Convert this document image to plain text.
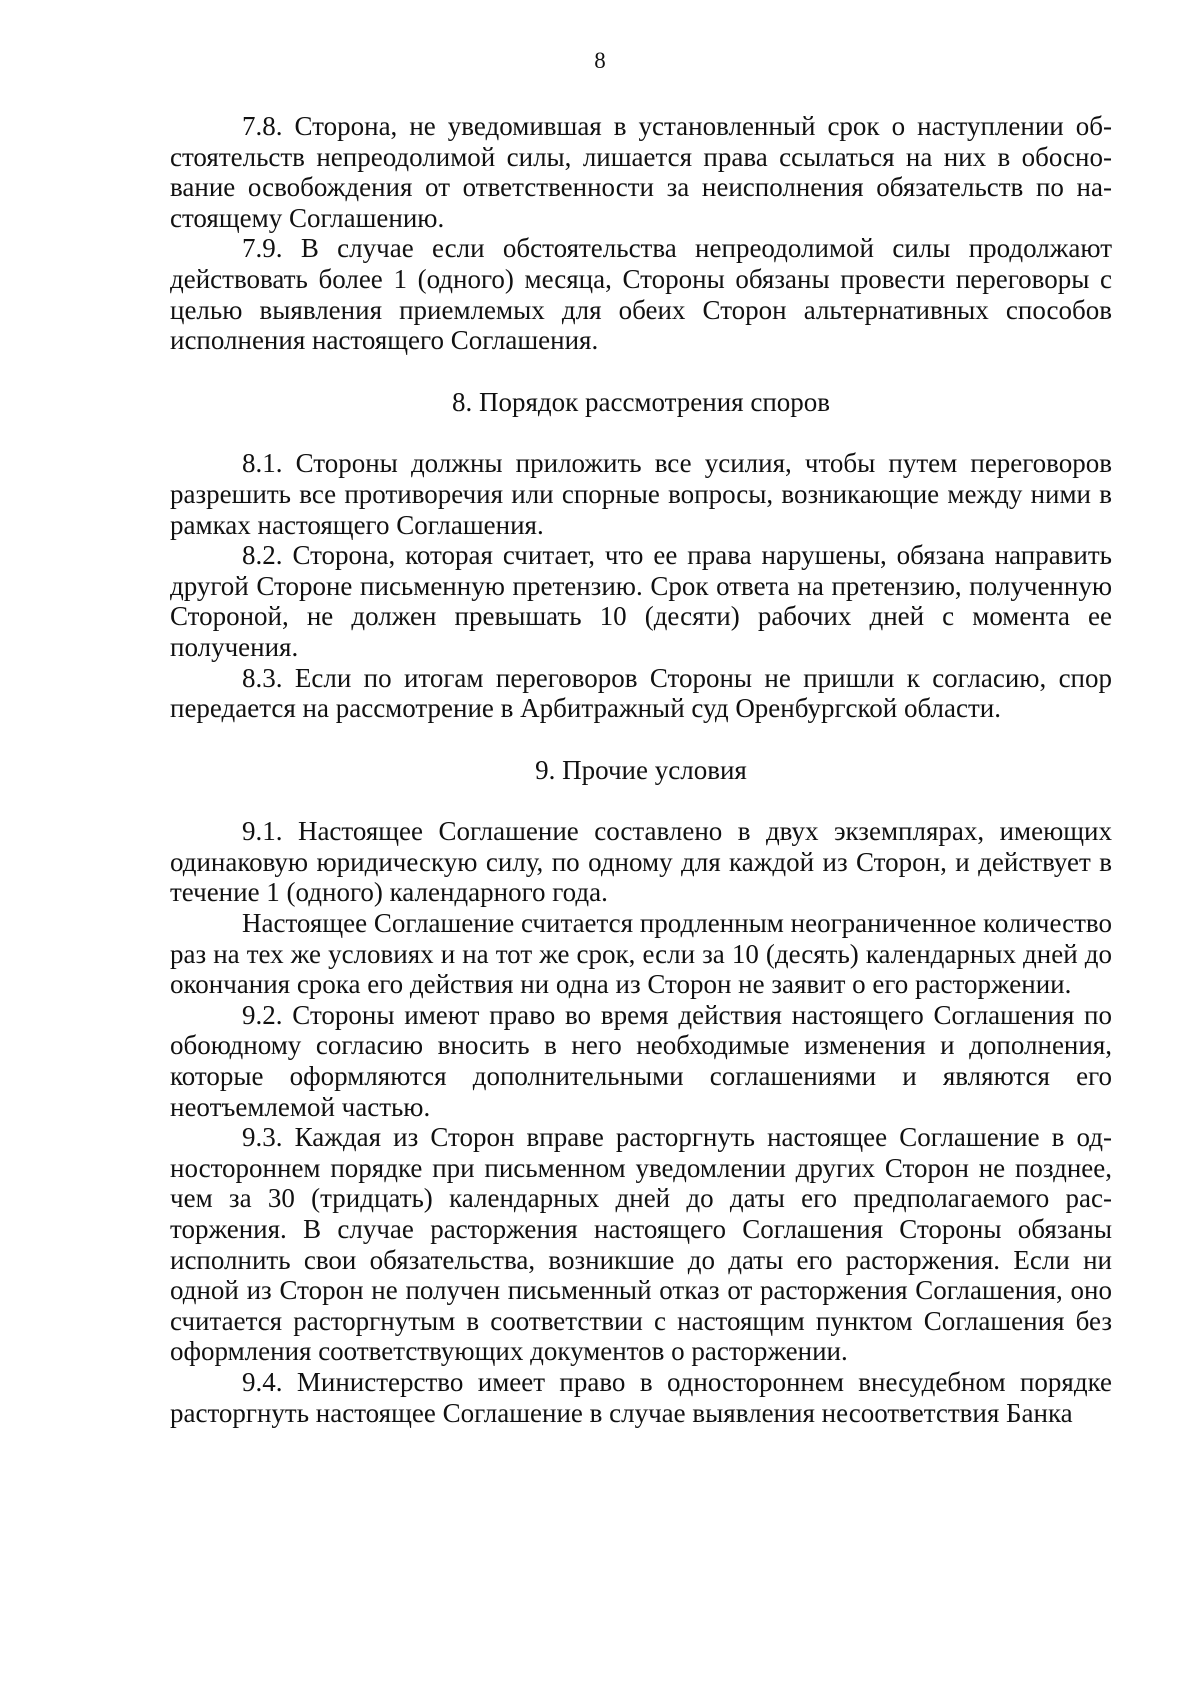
8

7.8. Сторона, не уведомившая в установленный срок о наступлении обстоятельств непреодолимой силы, лишается права ссылаться на них в обоснование освобождения от ответственности за неисполнения обязательств по настоящему Соглашению.

7.9. В случае если обстоятельства непреодолимой силы продолжают действовать более 1 (одного) месяца, Стороны обязаны провести переговоры с целью выявления приемлемых для обеих Сторон альтернативных способов исполнения настоящего Соглашения.

8. Порядок рассмотрения споров

8.1. Стороны должны приложить все усилия, чтобы путем переговоров разрешить все противоречия или спорные вопросы, возникающие между ними в рамках настоящего Соглашения.

8.2. Сторона, которая считает, что ее права нарушены, обязана направить другой Стороне письменную претензию. Срок ответа на претензию, полученную Стороной, не должен превышать 10 (десяти) рабочих дней с момента ее получения.

8.3. Если по итогам переговоров Стороны не пришли к согласию, спор передается на рассмотрение в Арбитражный суд Оренбургской области.

9. Прочие условия

9.1. Настоящее Соглашение составлено в двух экземплярах, имеющих одинаковую юридическую силу, по одному для каждой из Сторон, и действует в течение 1 (одного) календарного года.

Настоящее Соглашение считается продленным неограниченное количество раз на тех же условиях и на тот же срок, если за 10 (десять) календарных дней до окончания срока его действия ни одна из Сторон не заявит о его расторжении.

9.2. Стороны имеют право во время действия настоящего Соглашения по обоюдному согласию вносить в него необходимые изменения и дополнения, которые оформляются дополнительными соглашениями и являются его неотъемлемой частью.

9.3. Каждая из Сторон вправе расторгнуть настоящее Соглашение в одностороннем порядке при письменном уведомлении других Сторон не позднее, чем за 30 (тридцать) календарных дней до даты его предполагаемого расторжения. В случае расторжения настоящего Соглашения Стороны обязаны исполнить свои обязательства, возникшие до даты его расторжения. Если ни одной из Сторон не получен письменный отказ от расторжения Соглашения, оно считается расторгнутым в соответствии с настоящим пунктом Соглашения без оформления соответствующих документов о расторжении.

9.4. Министерство имеет право в одностороннем внесудебном порядке расторгнуть настоящее Соглашение в случае выявления несоответствия Банка
